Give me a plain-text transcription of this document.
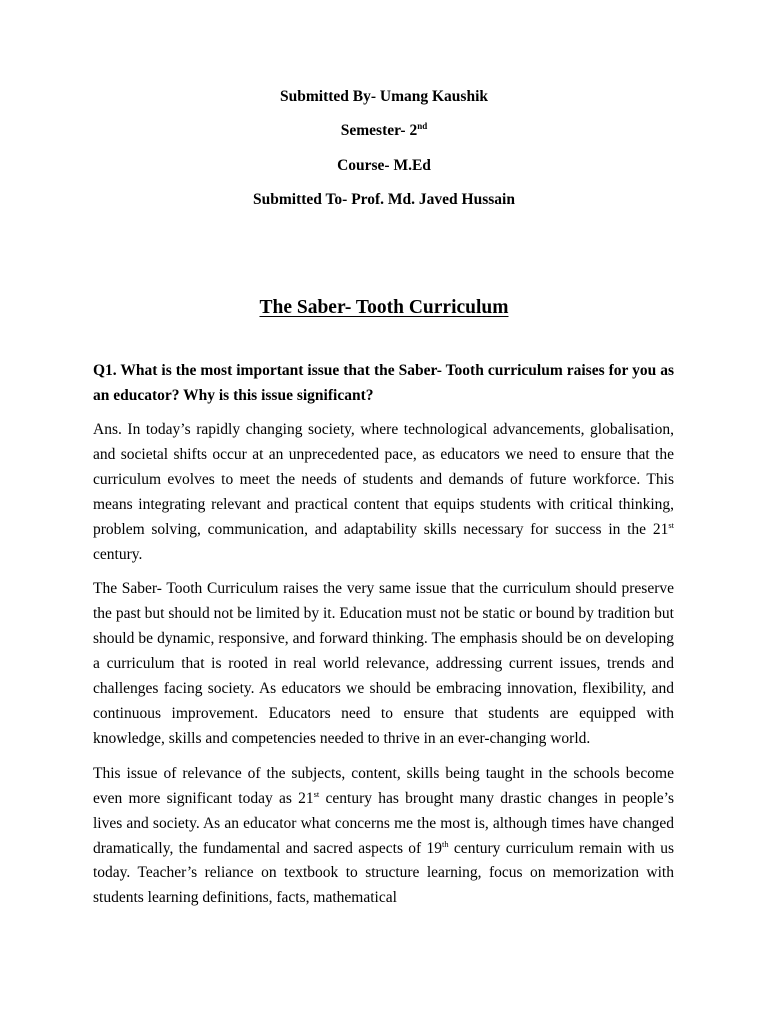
Submitted By- Umang Kaushik
Semester- 2nd
Course- M.Ed
Submitted To- Prof. Md. Javed Hussain
The Saber- Tooth Curriculum
Q1. What is the most important issue that the Saber- Tooth curriculum raises for you as an educator? Why is this issue significant?

Ans. In today’s rapidly changing society, where technological advancements, globalisation, and societal shifts occur at an unprecedented pace, as educators we need to ensure that the curriculum evolves to meet the needs of students and demands of future workforce. This means integrating relevant and practical content that equips students with critical thinking, problem solving, communication, and adaptability skills necessary for success in the 21st century.

The Saber- Tooth Curriculum raises the very same issue that the curriculum should preserve the past but should not be limited by it. Education must not be static or bound by tradition but should be dynamic, responsive, and forward thinking. The emphasis should be on developing a curriculum that is rooted in real world relevance, addressing current issues, trends and challenges facing society. As educators we should be embracing innovation, flexibility, and continuous improvement. Educators need to ensure that students are equipped with knowledge, skills and competencies needed to thrive in an ever-changing world.

This issue of relevance of the subjects, content, skills being taught in the schools become even more significant today as 21st century has brought many drastic changes in people’s lives and society. As an educator what concerns me the most is, although times have changed dramatically, the fundamental and sacred aspects of 19th century curriculum remain with us today. Teacher’s reliance on textbook to structure learning, focus on memorization with students learning definitions, facts, mathematical
